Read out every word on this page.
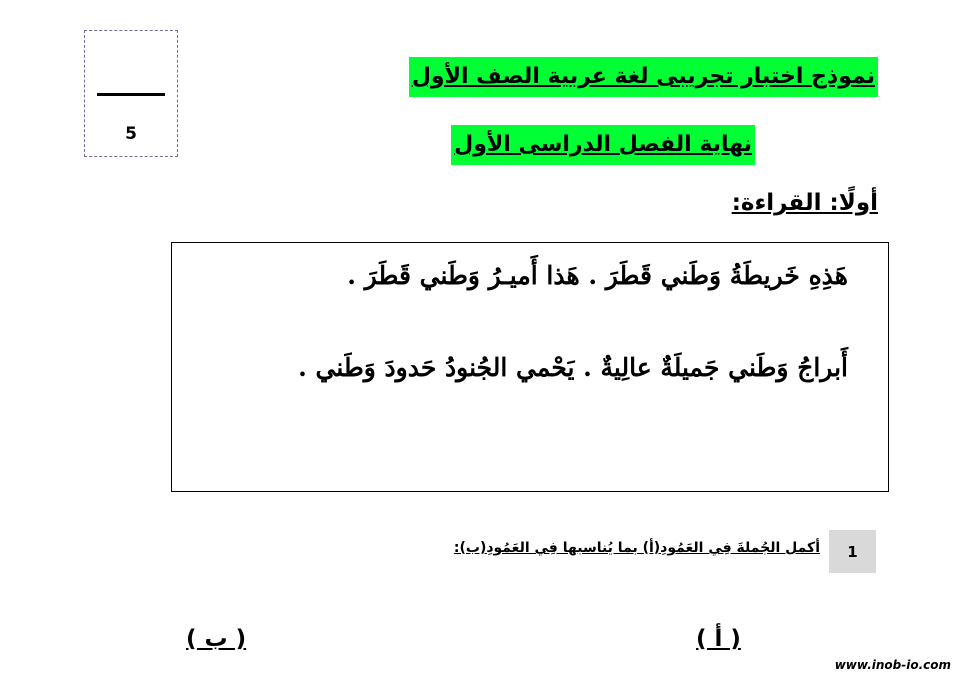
5
نموذج اختبار تجريبى لغة عربية الصف الأول
نهاية الفصل الدراسى الأول
أولًا: القراءة:
هَذِهِ خَريطَةُ وَطَني قَطَرَ . هَذا أَميـرُ وَطَني قَطَرَ .
أَبراجُ وَطَني جَميلَةٌ عالِيةٌ . يَحْمي الجُنودُ حَدودَ وَطَني .
1
أكمل الجُملةَ فِي العَمُودِ(أ) بما يُناسبها فِي العَمُودِ(ب):
( أ )
( ب )
www.inob-io.com
